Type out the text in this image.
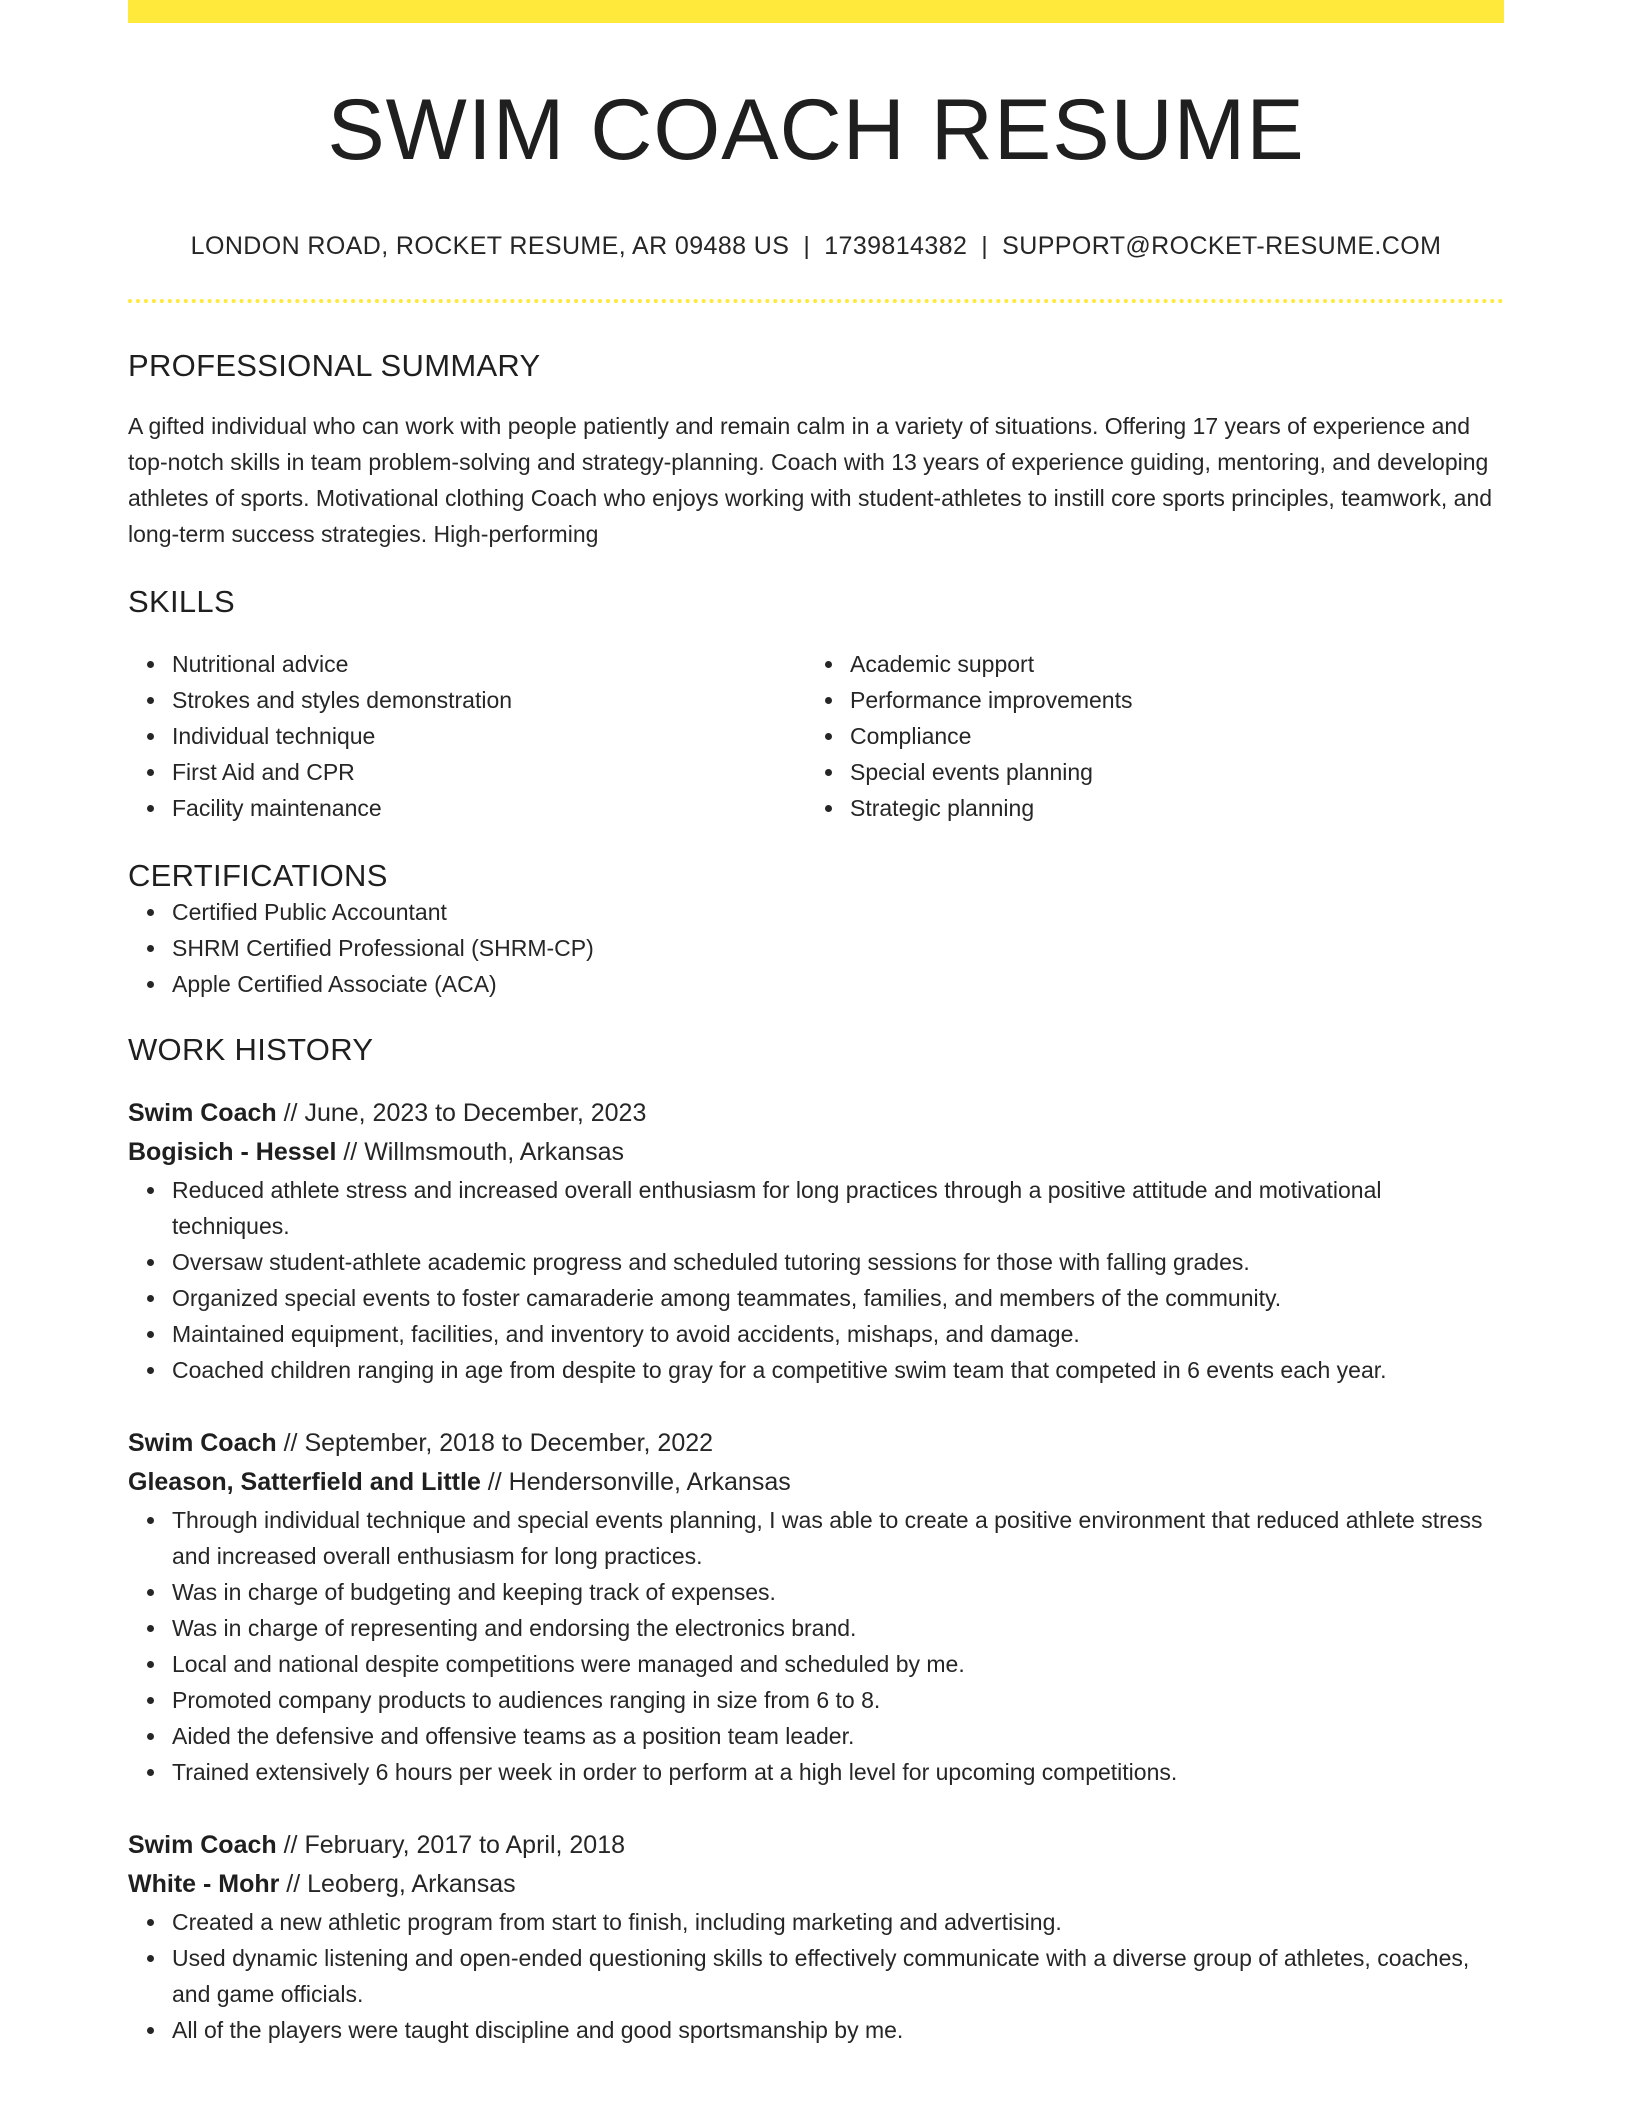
SWIM COACH RESUME
LONDON ROAD, ROCKET RESUME, AR 09488 US | 1739814382 | SUPPORT@ROCKET-RESUME.COM
PROFESSIONAL SUMMARY

A gifted individual who can work with people patiently and remain calm in a variety of situations. Offering 17 years of experience and top-notch skills in team problem-solving and strategy-planning. Coach with 13 years of experience guiding, mentoring, and developing athletes of sports. Motivational clothing Coach who enjoys working with student-athletes to instill core sports principles, teamwork, and long-term success strategies. High-performing

SKILLS
Nutritional advice
Strokes and styles demonstration
Individual technique
First Aid and CPR
Facility maintenance
Academic support
Performance improvements
Compliance
Special events planning
Strategic planning
CERTIFICATIONS
Certified Public Accountant
SHRM Certified Professional (SHRM-CP)
Apple Certified Associate (ACA)
WORK HISTORY
Swim Coach // June, 2023 to December, 2023
Bogisich - Hessel // Willmsmouth, Arkansas
Reduced athlete stress and increased overall enthusiasm for long practices through a positive attitude and motivational techniques.
Oversaw student-athlete academic progress and scheduled tutoring sessions for those with falling grades.
Organized special events to foster camaraderie among teammates, families, and members of the community.
Maintained equipment, facilities, and inventory to avoid accidents, mishaps, and damage.
Coached children ranging in age from despite to gray for a competitive swim team that competed in 6 events each year.
Swim Coach // September, 2018 to December, 2022
Gleason, Satterfield and Little // Hendersonville, Arkansas
Through individual technique and special events planning, I was able to create a positive environment that reduced athlete stress and increased overall enthusiasm for long practices.
Was in charge of budgeting and keeping track of expenses.
Was in charge of representing and endorsing the electronics brand.
Local and national despite competitions were managed and scheduled by me.
Promoted company products to audiences ranging in size from 6 to 8.
Aided the defensive and offensive teams as a position team leader.
Trained extensively 6 hours per week in order to perform at a high level for upcoming competitions.
Swim Coach // February, 2017 to April, 2018
White - Mohr // Leoberg, Arkansas
Created a new athletic program from start to finish, including marketing and advertising.
Used dynamic listening and open-ended questioning skills to effectively communicate with a diverse group of athletes, coaches, and game officials.
All of the players were taught discipline and good sportsmanship by me.
